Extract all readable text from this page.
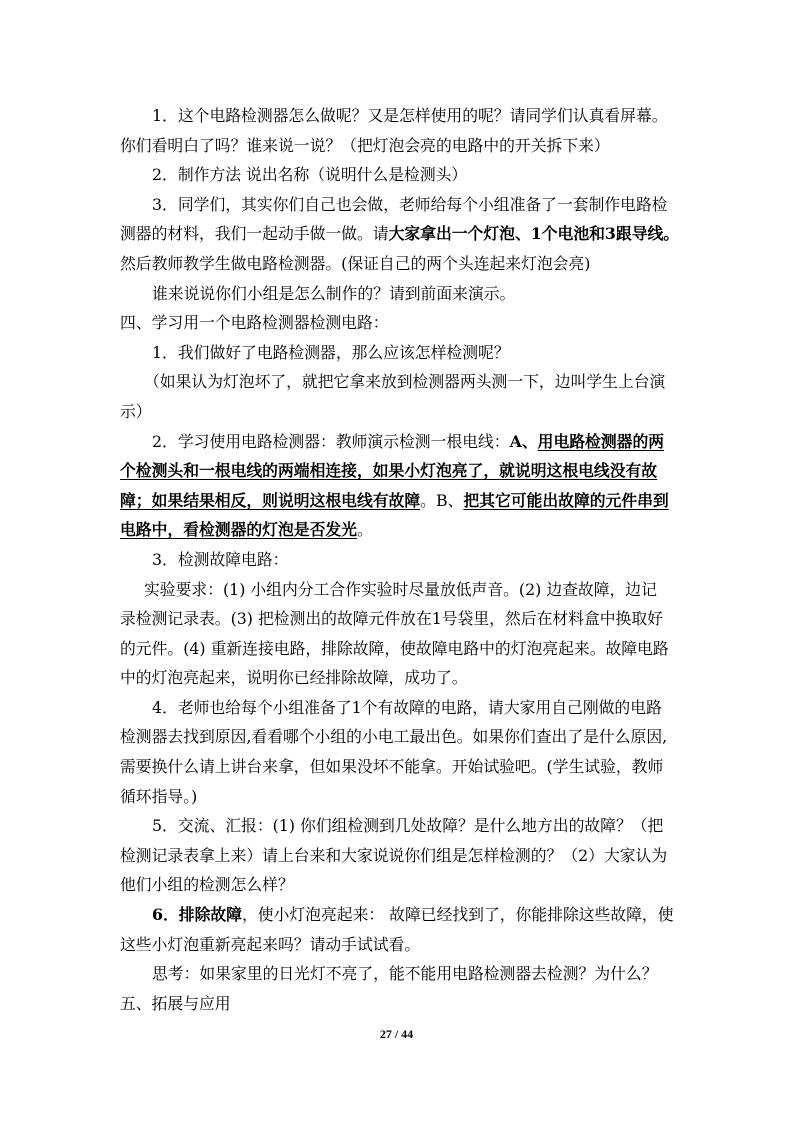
1．这个电路检测器怎么做呢？又是怎样使用的呢？请同学们认真看屏幕。
你们看明白了吗？谁来说一说？（把灯泡会亮的电路中的开关拆下来）
2．制作方法 说出名称（说明什么是检测头）
3．同学们，其实你们自己也会做，老师给每个小组准备了一套制作电路检
测器的材料，我们一起动手做一做。请大家拿出一个灯泡、1个电池和3跟导线。
然后教师教学生做电路检测器。(保证自己的两个头连起来灯泡会亮)
谁来说说你们小组是怎么制作的？请到前面来演示。
四、学习用一个电路检测器检测电路：
1．我们做好了电路检测器，那么应该怎样检测呢？
（如果认为灯泡坏了，就把它拿来放到检测器两头测一下，边叫学生上台演
示）
2．学习使用电路检测器：教师演示检测一根电线：A、用电路检测器的两
个检测头和一根电线的两端相连接，如果小灯泡亮了，就说明这根电线没有故
障；如果结果相反，则说明这根电线有故障。B、把其它可能出故障的元件串到
电路中，看检测器的灯泡是否发光。
3．检测故障电路：
实验要求：(1) 小组内分工合作实验时尽量放低声音。(2) 边查故障，边记
录检测记录表。(3) 把检测出的故障元件放在1号袋里，然后在材料盒中换取好
的元件。(4) 重新连接电路，排除故障，使故障电路中的灯泡亮起来。故障电路
中的灯泡亮起来，说明你已经排除故障，成功了。
4．老师也给每个小组准备了1个有故障的电路，请大家用自己刚做的电路
检测器去找到原因,看看哪个小组的小电工最出色。如果你们查出了是什么原因,
需要换什么请上讲台来拿，但如果没坏不能拿。开始试验吧。(学生试验，教师
循环指导。)
5．交流、汇报：(1) 你们组检测到几处故障？是什么地方出的故障？（把
检测记录表拿上来）请上台来和大家说说你们组是怎样检测的？（2）大家认为
他们小组的检测怎么样？
6．排除故障，使小灯泡亮起来： 故障已经找到了，你能排除这些故障，使
这些小灯泡重新亮起来吗？请动手试试看。
思考：如果家里的日光灯不亮了，能不能用电路检测器去检测？为什么？
五、拓展与应用
27 / 44
